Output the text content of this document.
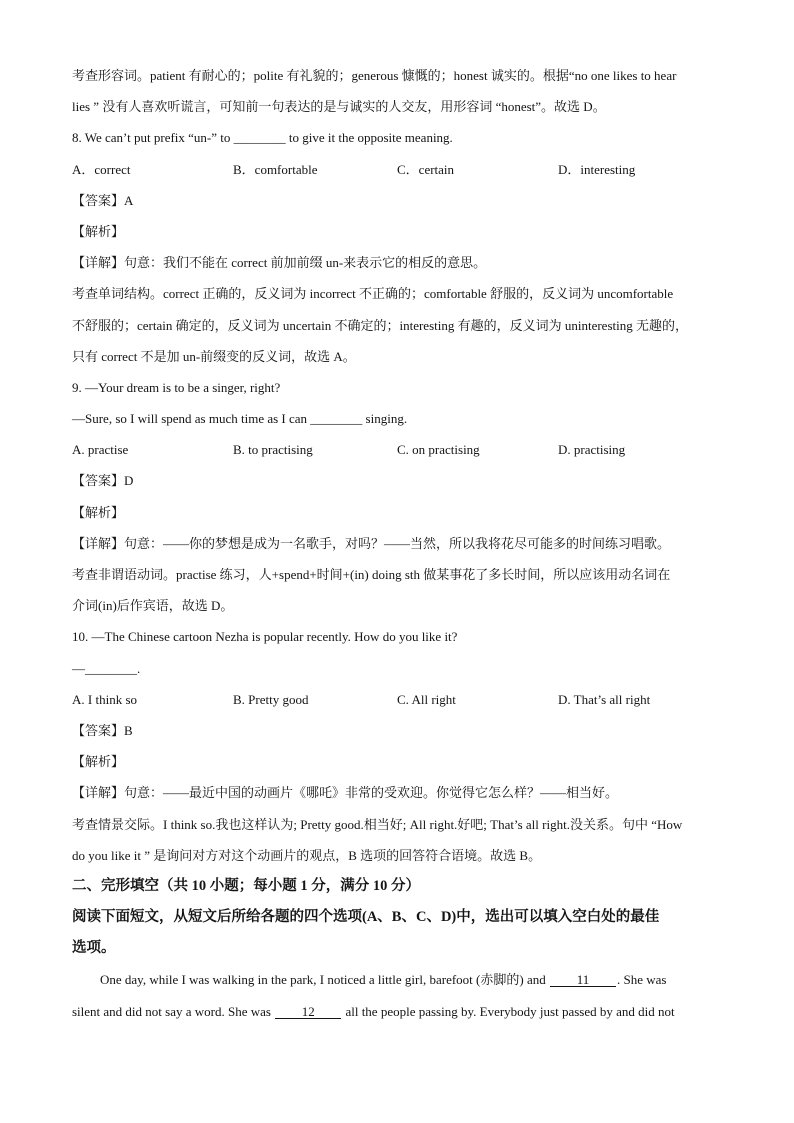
考查形容词。patient 有耐心的；polite 有礼貌的；generous 慷慨的；honest 诚实的。根据“no one likes to hear
lies ” 没有人喜欢听谎言，可知前一句表达的是与诚实的人交友，用形容词 “honest”。故选 D。
8. We can’t put prefix “un-” to ________ to give it the opposite meaning.
A．correct	B．comfortable	C．certain	D．interesting
【答案】A
【解析】
【详解】句意：我们不能在 correct 前加前缀 un-来表示它的相反的意思。
考查单词结构。correct 正确的，反义词为 incorrect 不正确的；comfortable 舒服的，反义词为 uncomfortable
不舒服的；certain 确定的，反义词为 uncertain 不确定的；interesting 有趣的，反义词为 uninteresting 无趣的，
只有 correct 不是加 un-前缀变的反义词，故选 A。
9. —Your dream is to be a singer, right?
—Sure, so I will spend as much time as I can ________ singing.
A. practise	B. to practising	C. on practising	D. practising
【答案】D
【解析】
【详解】句意：——你的梦想是成为一名歌手，对吗？——当然，所以我将花尽可能多的时间练习唱歌。
考查非谓语动词。practise 练习，人+spend+时间+(in) doing sth 做某事花了多长时间，所以应该用动名词在
介词(in)后作宾语，故选 D。
10. —The Chinese cartoon Nezha is popular recently. How do you like it?
—________.
A. I think so	B. Pretty good	C. All right	D. That’s all right
【答案】B
【解析】
【详解】句意：——最近中国的动画片《哪吒》非常的受欢迎。你觉得它怎么样？——相当好。
考查情景交际。I think so.我也这样认为; Pretty good.相当好; All right.好吧; That’s all right.没关系。句中 “How
do you like it ” 是询问对方对这个动画片的观点，B 选项的回答符合语境。故选 B。
二、完形填空（共 10 小题；每小题 1 分，满分 10 分）
阅读下面短文，从短文后所给各题的四个选项(A、B、C、D)中，选出可以填入空白处的最佳
选项。
One day, while I was walking in the park, I noticed a little girl, barefoot (赤脚的) and 11 . She was
silent and did not say a word. She was 12 all the people passing by. Everybody just passed by and did not
